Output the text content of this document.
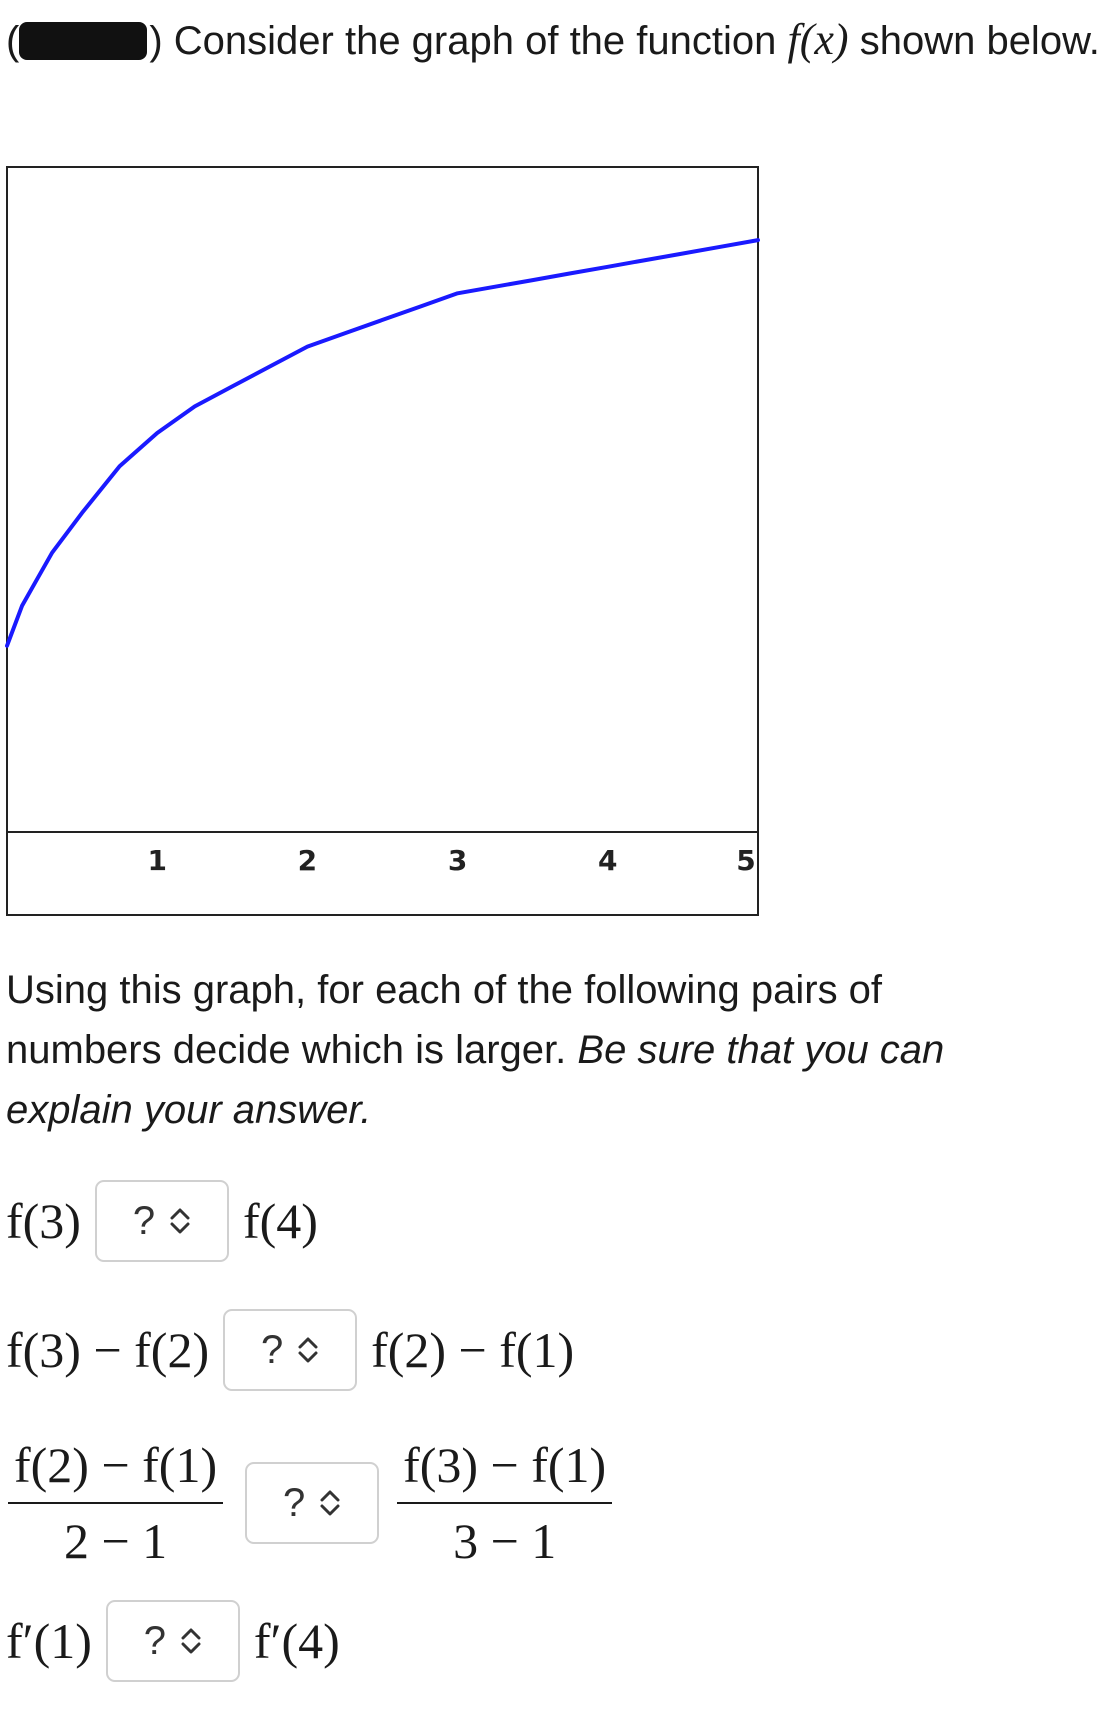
(	) Consider the graph of the function f(x) shown below.
1	2	3	4	5
Using this graph, for each of the following pairs of numbers decide which is larger. Be sure that you can explain your answer.
f(3) ? f(4)
f(3) − f(2) ? f(2) − f(1)
$\frac{f(2) - f(1)}{2 - 1}$ ? $\frac{f(3) - f(1)}{3 - 1}$
f′(1) ? f′(4)
